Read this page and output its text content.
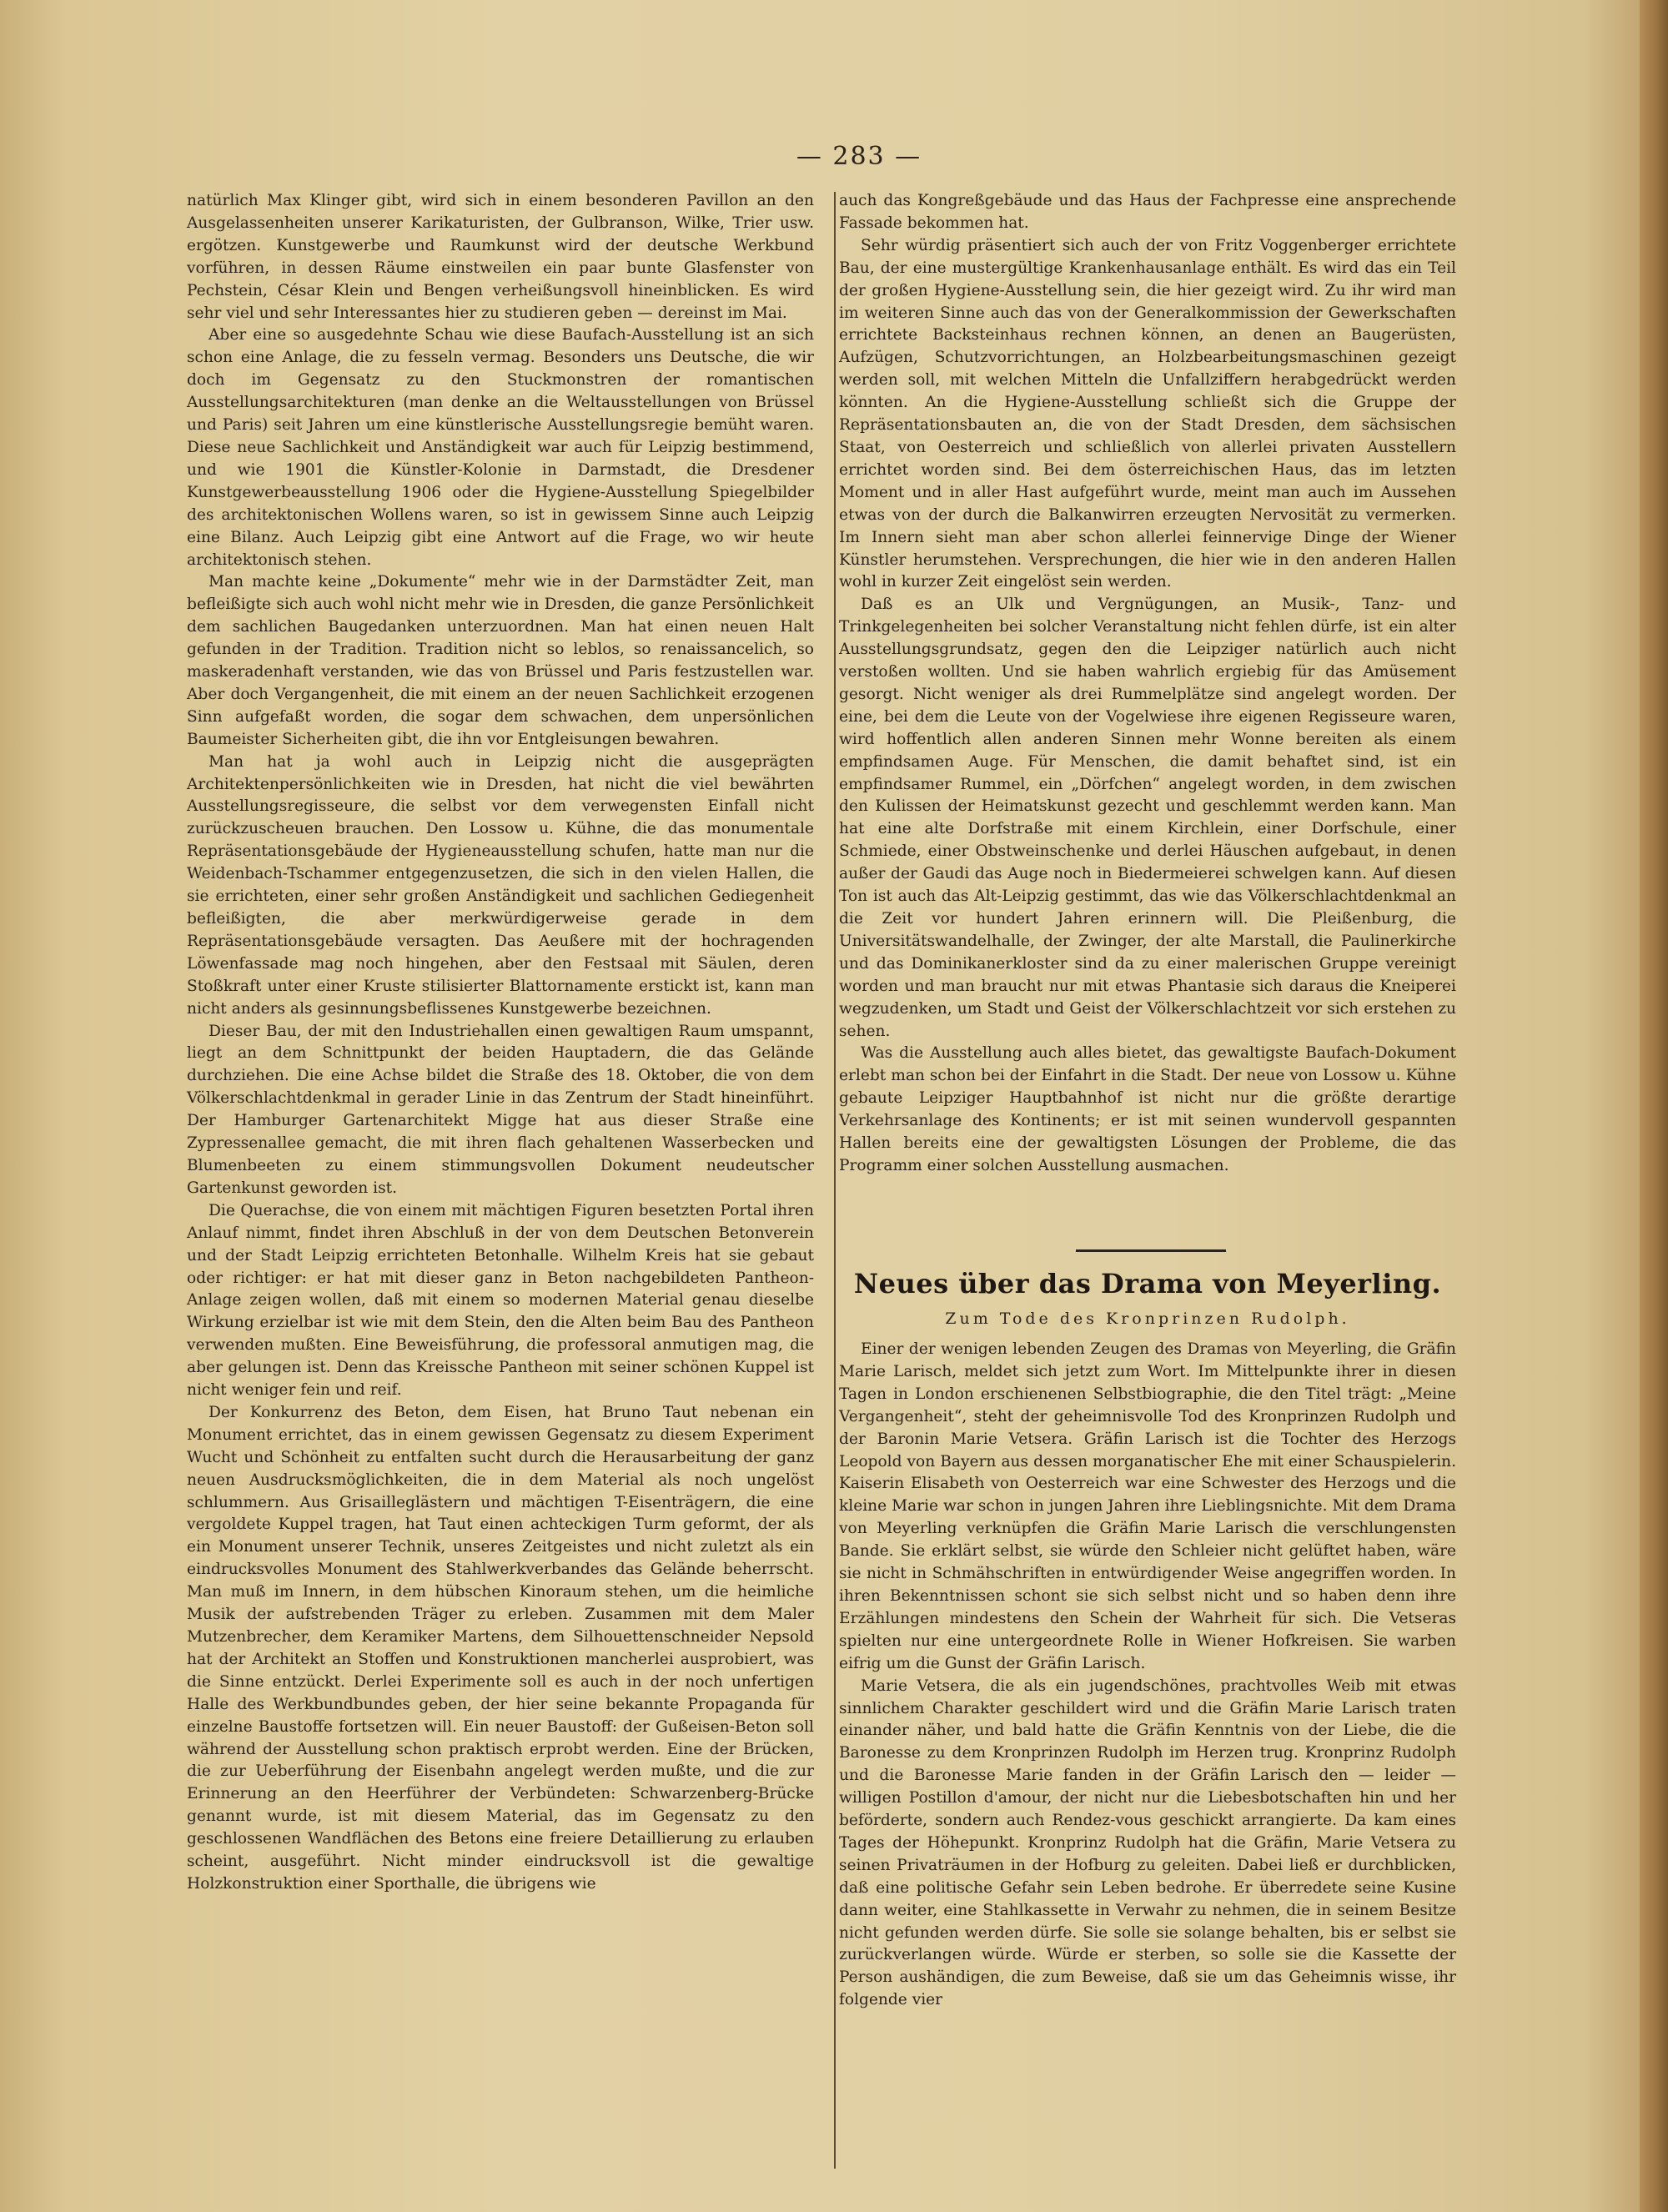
— 283 —

natürlich Max Klinger gibt, wird sich in einem besonderen Pavillon an den Ausgelassenheiten unserer Karikaturisten, der Gulbranson, Wilke, Trier usw. ergötzen. Kunstgewerbe und Raumkunst wird der deutsche Werkbund vorführen, in dessen Räume einstweilen ein paar bunte Glasfenster von Pechstein, César Klein und Bengen verheißungsvoll hineinblicken. Es wird sehr viel und sehr Interessantes hier zu studieren geben — dereinst im Mai.

Aber eine so ausgedehnte Schau wie diese Baufach-Ausstellung ist an sich schon eine Anlage, die zu fesseln vermag. Besonders uns Deutsche, die wir doch im Gegensatz zu den Stuckmonstren der romantischen Ausstellungsarchitekturen (man denke an die Weltausstellungen von Brüssel und Paris) seit Jahren um eine künstlerische Ausstellungsregie bemüht waren. Diese neue Sachlichkeit und Anständigkeit war auch für Leipzig bestimmend, und wie 1901 die Künstler-Kolonie in Darmstadt, die Dresdener Kunstgewerbeausstellung 1906 oder die Hygiene-Ausstellung Spiegelbilder des architektonischen Wollens waren, so ist in gewissem Sinne auch Leipzig eine Bilanz. Auch Leipzig gibt eine Antwort auf die Frage, wo wir heute architektonisch stehen.

Man machte keine „Dokumente“ mehr wie in der Darmstädter Zeit, man befleißigte sich auch wohl nicht mehr wie in Dresden, die ganze Persönlichkeit dem sachlichen Baugedanken unterzuordnen. Man hat einen neuen Halt gefunden in der Tradition. Tradition nicht so leblos, so renaissancelich, so maskeradenhaft verstanden, wie das von Brüssel und Paris festzustellen war. Aber doch Vergangenheit, die mit einem an der neuen Sachlichkeit erzogenen Sinn aufgefaßt worden, die sogar dem schwachen, dem unpersönlichen Baumeister Sicherheiten gibt, die ihn vor Entgleisungen bewahren.

Man hat ja wohl auch in Leipzig nicht die ausgeprägten Architektenpersönlichkeiten wie in Dresden, hat nicht die viel bewährten Ausstellungsregisseure, die selbst vor dem verwegensten Einfall nicht zurückzuscheuen brauchen. Den Lossow u. Kühne, die das monumentale Repräsentationsgebäude der Hygieneausstellung schufen, hatte man nur die Weidenbach-Tschammer entgegenzusetzen, die sich in den vielen Hallen, die sie errichteten, einer sehr großen Anständigkeit und sachlichen Gediegenheit befleißigten, die aber merkwürdigerweise gerade in dem Repräsentationsgebäude versagten. Das Aeußere mit der hochragenden Löwenfassade mag noch hingehen, aber den Festsaal mit Säulen, deren Stoßkraft unter einer Kruste stilisierter Blattornamente erstickt ist, kann man nicht anders als gesinnungsbeflissenes Kunstgewerbe bezeichnen.

Dieser Bau, der mit den Industriehallen einen gewaltigen Raum umspannt, liegt an dem Schnittpunkt der beiden Hauptadern, die das Gelände durchziehen. Die eine Achse bildet die Straße des 18. Oktober, die von dem Völkerschlachtdenkmal in gerader Linie in das Zentrum der Stadt hineinführt. Der Hamburger Gartenarchitekt Migge hat aus dieser Straße eine Zypressenallee gemacht, die mit ihren flach gehaltenen Wasserbecken und Blumenbeeten zu einem stimmungsvollen Dokument neudeutscher Gartenkunst geworden ist.

Die Querachse, die von einem mit mächtigen Figuren besetzten Portal ihren Anlauf nimmt, findet ihren Abschluß in der von dem Deutschen Betonverein und der Stadt Leipzig errichteten Betonhalle. Wilhelm Kreis hat sie gebaut oder richtiger: er hat mit dieser ganz in Beton nachgebildeten Pantheon-Anlage zeigen wollen, daß mit einem so modernen Material genau dieselbe Wirkung erzielbar ist wie mit dem Stein, den die Alten beim Bau des Pantheon verwenden mußten. Eine Beweisführung, die professoral anmutigen mag, die aber gelungen ist. Denn das Kreissche Pantheon mit seiner schönen Kuppel ist nicht weniger fein und reif.

Der Konkurrenz des Beton, dem Eisen, hat Bruno Taut nebenan ein Monument errichtet, das in einem gewissen Gegensatz zu diesem Experiment Wucht und Schönheit zu entfalten sucht durch die Herausarbeitung der ganz neuen Ausdrucksmöglichkeiten, die in dem Material als noch ungelöst schlummern. Aus Grisailleglästern und mächtigen T-Eisenträgern, die eine vergoldete Kuppel tragen, hat Taut einen achteckigen Turm geformt, der als ein Monument unserer Technik, unseres Zeitgeistes und nicht zuletzt als ein eindrucksvolles Monument des Stahlwerkverbandes das Gelände beherrscht. Man muß im Innern, in dem hübschen Kinoraum stehen, um die heimliche Musik der aufstrebenden Träger zu erleben. Zusammen mit dem Maler Mutzenbrecher, dem Keramiker Martens, dem Silhouettenschneider Nepsold hat der Architekt an Stoffen und Konstruktionen mancherlei ausprobiert, was die Sinne entzückt. Derlei Experimente soll es auch in der noch unfertigen Halle des Werkbundbundes geben, der hier seine bekannte Propaganda für einzelne Baustoffe fortsetzen will. Ein neuer Baustoff: der Gußeisen-Beton soll während der Ausstellung schon praktisch erprobt werden. Eine der Brücken, die zur Ueberführung der Eisenbahn angelegt werden mußte, und die zur Erinnerung an den Heerführer der Verbündeten: Schwarzenberg-Brücke genannt wurde, ist mit diesem Material, das im Gegensatz zu den geschlossenen Wandflächen des Betons eine freiere Detaillierung zu erlauben scheint, ausgeführt. Nicht minder eindrucksvoll ist die gewaltige Holzkonstruktion einer Sporthalle, die übrigens wie

auch das Kongreßgebäude und das Haus der Fachpresse eine ansprechende Fassade bekommen hat.

Sehr würdig präsentiert sich auch der von Fritz Voggenberger errichtete Bau, der eine mustergültige Krankenhausanlage enthält. Es wird das ein Teil der großen Hygiene-Ausstellung sein, die hier gezeigt wird. Zu ihr wird man im weiteren Sinne auch das von der Generalkommission der Gewerkschaften errichtete Backsteinhaus rechnen können, an denen an Baugerüsten, Aufzügen, Schutzvorrichtungen, an Holzbearbeitungsmaschinen gezeigt werden soll, mit welchen Mitteln die Unfallziffern herabgedrückt werden könnten. An die Hygiene-Ausstellung schließt sich die Gruppe der Repräsentationsbauten an, die von der Stadt Dresden, dem sächsischen Staat, von Oesterreich und schließlich von allerlei privaten Ausstellern errichtet worden sind. Bei dem österreichischen Haus, das im letzten Moment und in aller Hast aufgeführt wurde, meint man auch im Aussehen etwas von der durch die Balkanwirren erzeugten Nervosität zu vermerken. Im Innern sieht man aber schon allerlei feinnervige Dinge der Wiener Künstler herumstehen. Versprechungen, die hier wie in den anderen Hallen wohl in kurzer Zeit eingelöst sein werden.

Daß es an Ulk und Vergnügungen, an Musik-, Tanz- und Trinkgelegenheiten bei solcher Veranstaltung nicht fehlen dürfe, ist ein alter Ausstellungsgrundsatz, gegen den die Leipziger natürlich auch nicht verstoßen wollten. Und sie haben wahrlich ergiebig für das Amüsement gesorgt. Nicht weniger als drei Rummelplätze sind angelegt worden. Der eine, bei dem die Leute von der Vogelwiese ihre eigenen Regisseure waren, wird hoffentlich allen anderen Sinnen mehr Wonne bereiten als einem empfindsamen Auge. Für Menschen, die damit behaftet sind, ist ein empfindsamer Rummel, ein „Dörfchen“ angelegt worden, in dem zwischen den Kulissen der Heimatskunst gezecht und geschlemmt werden kann. Man hat eine alte Dorfstraße mit einem Kirchlein, einer Dorfschule, einer Schmiede, einer Obstweinschenke und derlei Häuschen aufgebaut, in denen außer der Gaudi das Auge noch in Biedermeierei schwelgen kann. Auf diesen Ton ist auch das Alt-Leipzig gestimmt, das wie das Völkerschlachtdenkmal an die Zeit vor hundert Jahren erinnern will. Die Pleißenburg, die Universitätswandelhalle, der Zwinger, der alte Marstall, die Paulinerkirche und das Dominikanerkloster sind da zu einer malerischen Gruppe vereinigt worden und man braucht nur mit etwas Phantasie sich daraus die Kneiperei wegzudenken, um Stadt und Geist der Völkerschlachtzeit vor sich erstehen zu sehen.

Was die Ausstellung auch alles bietet, das gewaltigste Baufach-Dokument erlebt man schon bei der Einfahrt in die Stadt. Der neue von Lossow u. Kühne gebaute Leipziger Hauptbahnhof ist nicht nur die größte derartige Verkehrsanlage des Kontinents; er ist mit seinen wundervoll gespannten Hallen bereits eine der gewaltigsten Lösungen der Probleme, die das Programm einer solchen Ausstellung ausmachen.

Neues über das Drama von Meyerling.
Zum Tode des Kronprinzen Rudolph.

Einer der wenigen lebenden Zeugen des Dramas von Meyerling, die Gräfin Marie Larisch, meldet sich jetzt zum Wort. Im Mittelpunkte ihrer in diesen Tagen in London erschienenen Selbstbiographie, die den Titel trägt: „Meine Vergangenheit“, steht der geheimnisvolle Tod des Kronprinzen Rudolph und der Baronin Marie Vetsera. Gräfin Larisch ist die Tochter des Herzogs Leopold von Bayern aus dessen morganatischer Ehe mit einer Schauspielerin. Kaiserin Elisabeth von Oesterreich war eine Schwester des Herzogs und die kleine Marie war schon in jungen Jahren ihre Lieblingsnichte. Mit dem Drama von Meyerling verknüpfen die Gräfin Marie Larisch die verschlungensten Bande. Sie erklärt selbst, sie würde den Schleier nicht gelüftet haben, wäre sie nicht in Schmähschriften in entwürdigender Weise angegriffen worden. In ihren Bekenntnissen schont sie sich selbst nicht und so haben denn ihre Erzählungen mindestens den Schein der Wahrheit für sich. Die Vetseras spielten nur eine untergeordnete Rolle in Wiener Hofkreisen. Sie warben eifrig um die Gunst der Gräfin Larisch.

Marie Vetsera, die als ein jugendschönes, prachtvolles Weib mit etwas sinnlichem Charakter geschildert wird und die Gräfin Marie Larisch traten einander näher, und bald hatte die Gräfin Kenntnis von der Liebe, die die Baronesse zu dem Kronprinzen Rudolph im Herzen trug. Kronprinz Rudolph und die Baronesse Marie fanden in der Gräfin Larisch den — leider — willigen Postillon d'amour, der nicht nur die Liebesbotschaften hin und her beförderte, sondern auch Rendez-vous geschickt arrangierte. Da kam eines Tages der Höhepunkt. Kronprinz Rudolph hat die Gräfin, Marie Vetsera zu seinen Privaträumen in der Hofburg zu geleiten. Dabei ließ er durchblicken, daß eine politische Gefahr sein Leben bedrohe. Er überredete seine Kusine dann weiter, eine Stahlkassette in Verwahr zu nehmen, die in seinem Besitze nicht gefunden werden dürfe. Sie solle sie solange behalten, bis er selbst sie zurückverlangen würde. Würde er sterben, so solle sie die Kassette der Person aushändigen, die zum Beweise, daß sie um das Geheimnis wisse, ihr folgende vier
